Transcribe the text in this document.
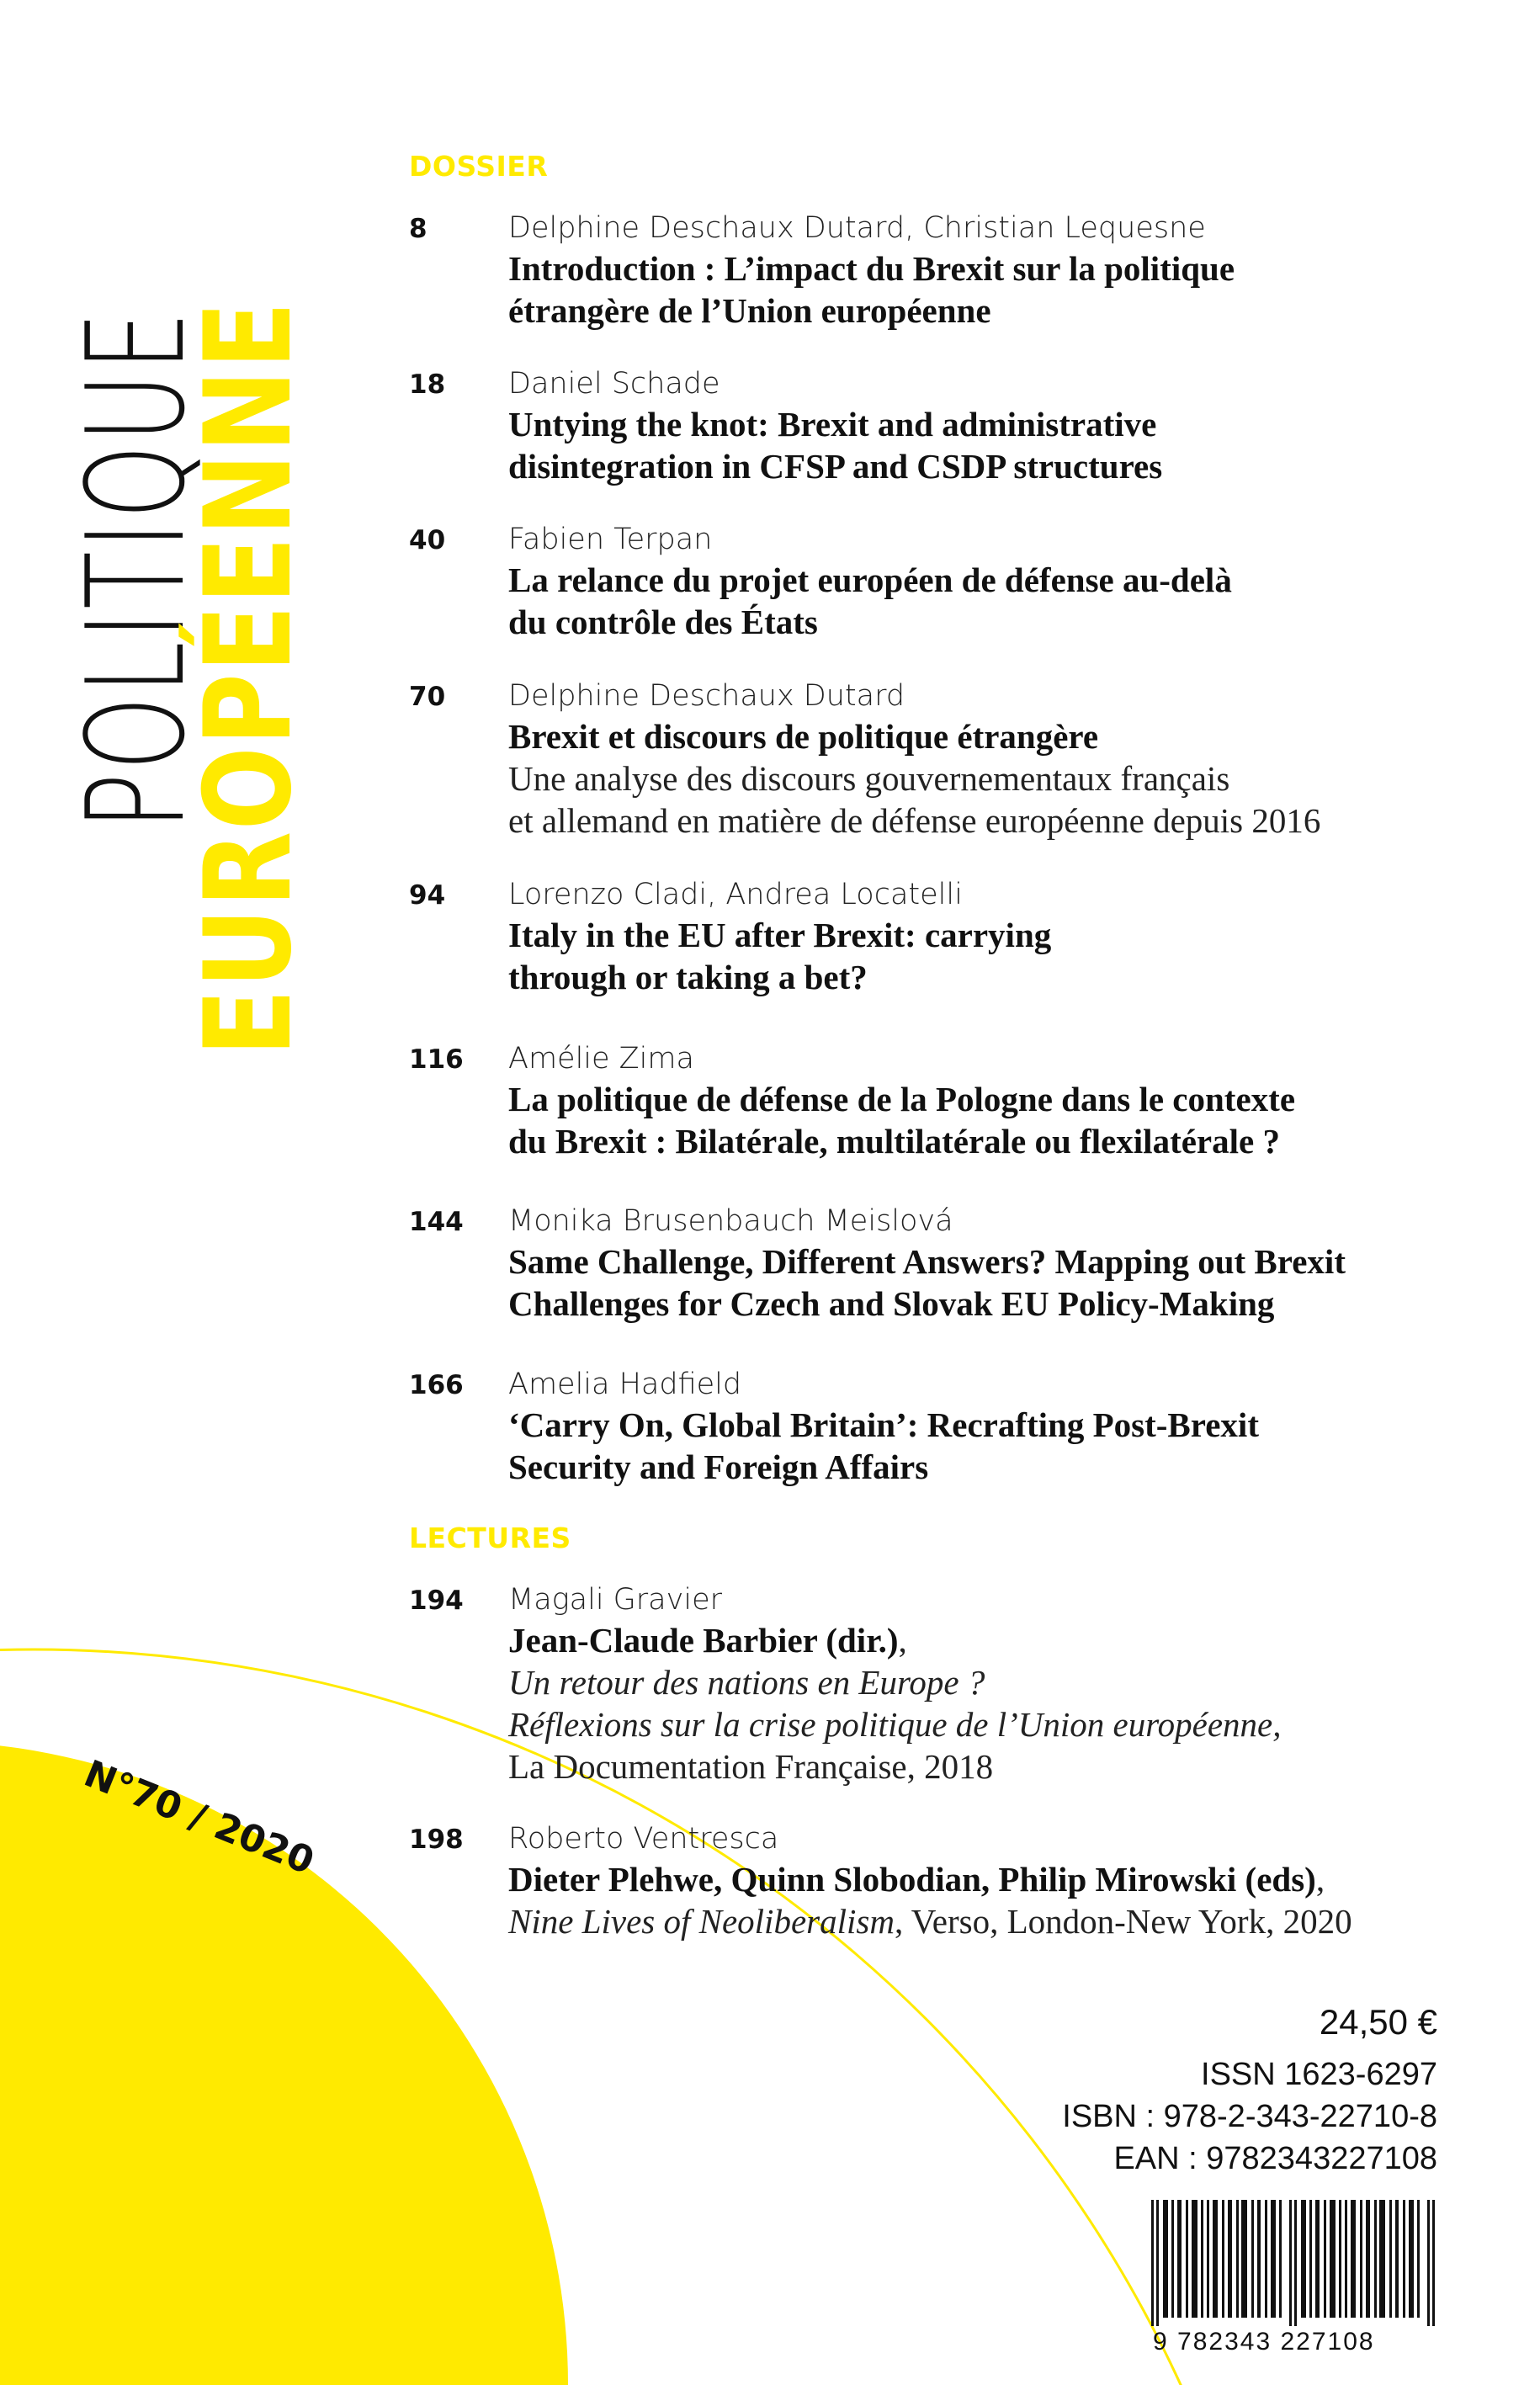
POLITIQUE
EUROPÉENNE
N°70 / 2020
DOSSIER
8	Delphine Deschaux Dutard, Christian Lequesne
Introduction : L’impact du Brexit sur la politique
étrangère de l’Union européenne
18	Daniel Schade
Untying the knot: Brexit and administrative
disintegration in CFSP and CSDP structures
40	Fabien Terpan
La relance du projet européen de défense au-delà
du contrôle des États
70	Delphine Deschaux Dutard
Brexit et discours de politique étrangère
Une analyse des discours gouvernementaux français
et allemand en matière de défense européenne depuis 2016
94	Lorenzo Cladi, Andrea Locatelli
Italy in the EU after Brexit: carrying
through or taking a bet?
116	Amélie Zima
La politique de défense de la Pologne dans le contexte
du Brexit : Bilatérale, multilatérale ou flexilatérale ?
144	Monika Brusenbauch Meislová
Same Challenge, Different Answers? Mapping out Brexit
Challenges for Czech and Slovak EU Policy-Making
166	Amelia Hadfield
‘Carry On, Global Britain’: Recrafting Post-Brexit
Security and Foreign Affairs
LECTURES
194	Magali Gravier
Jean-Claude Barbier (dir.),
Un retour des nations en Europe ?
Réflexions sur la crise politique de l’Union européenne,
La Documentation Française, 2018
198	Roberto Ventresca
Dieter Plehwe, Quinn Slobodian, Philip Mirowski (eds),
Nine Lives of Neoliberalism, Verso, London-New York, 2020
24,50 €
ISSN 1623-6297
ISBN : 978-2-343-22710-8
EAN : 9782343227108
9 782343 227108
